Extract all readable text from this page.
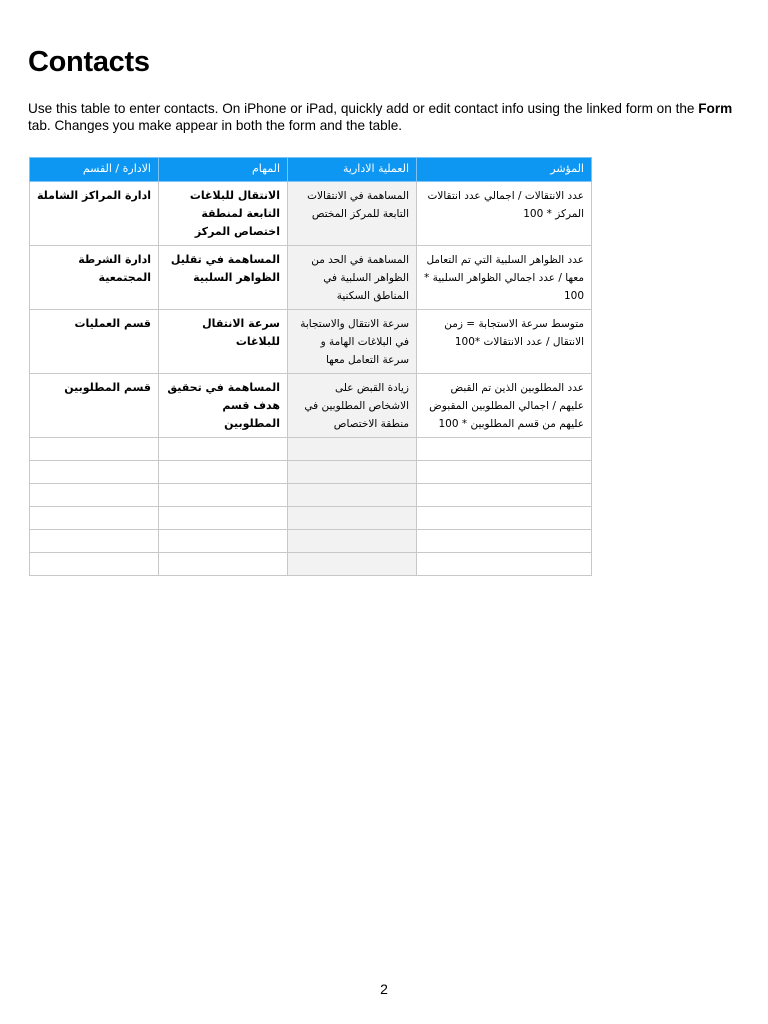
Contacts
Use this table to enter contacts. On iPhone or iPad, quickly add or edit contact info using the linked form on the Form tab. Changes you make appear in both the form and the table.
الادارة / القسم	المهام	العملية الادارية	المؤشر
ادارة المراكز الشاملة	الانتقال للبلاغات التابعة لمنطقة اختصاص المركز	المساهمة في الانتقالات التابعة للمركز المختص	عدد الانتقالات / اجمالي عدد انتقالات المركز * 100
ادارة الشرطة المجتمعية	المساهمة في تقليل الظواهر السلبية	المساهمة في الحد من الظواهر السلبية في المناطق السكنية	عدد الظواهر السلبية التي تم التعامل معها / عدد اجمالي الظواهر السلبية * 100
قسم العمليات	سرعة الانتقال للبلاغات	سرعة الانتقال والاستجابة في البلاغات الهامة و سرعة التعامل معها	متوسط سرعة الاستجابة = زمن الانتقال / عدد الانتقالات *100
قسم المطلوبين	المساهمة في تحقيق هدف قسم المطلوبين	زيادة القبض على الاشخاص المطلوبين في منطقة الاختصاص	عدد المطلوبين الذين تم القبض عليهم / اجمالي المطلوبين المقبوض عليهم من قسم المطلوبين * 100

2
